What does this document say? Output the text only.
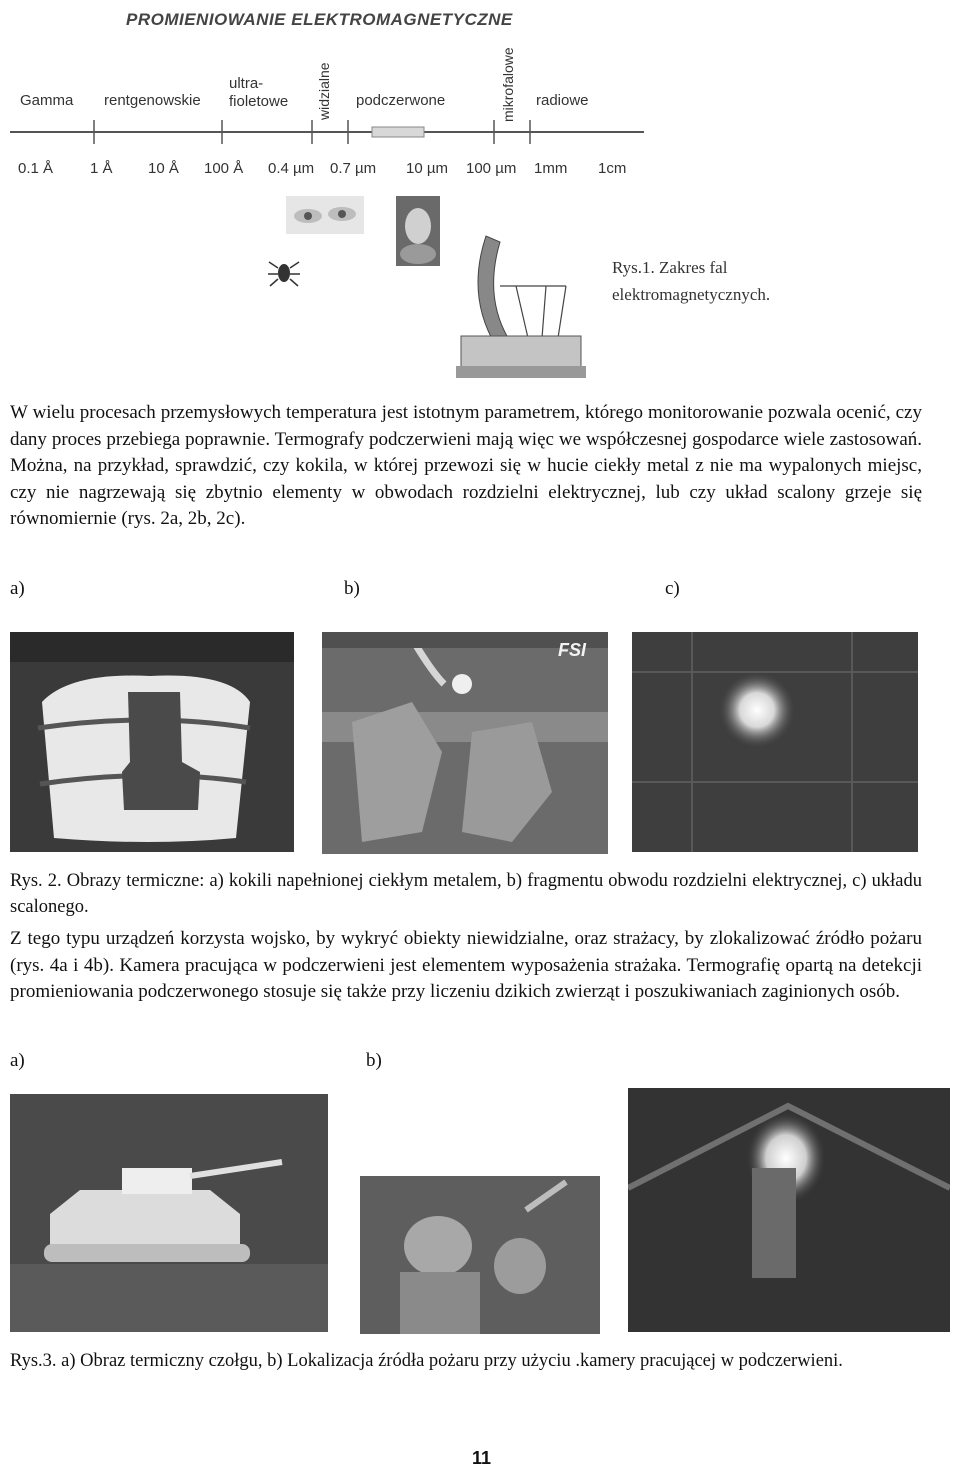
PROMIENIOWANIE ELEKTROMAGNETYCZNE
Gamma rentgenowskie
ultra-
fioletowe widzialne podczerwone	mikrofalowe radiowe
0.1 Å 1 Å 10 Å 100 Å 0.4 µm 0.7 µm 10 µm 100 µm 1mm 1cm
Rys.1. Zakres fal
elektromagnetycznych.
W wielu procesach przemysłowych temperatura jest istotnym parametrem, którego monitorowanie pozwala ocenić, czy dany proces przebiega poprawnie. Termografy podczerwieni mają więc we współczesnej gospodarce wiele zastosowań. Można, na przykład, sprawdzić, czy kokila, w której przewozi się w hucie ciekły metal z nie ma wypalonych miejsc, czy nie nagrzewają się zbytnio elementy w obwodach rozdzielni elektrycznej, lub czy układ scalony grzeje się równomiernie (rys. 2a, 2b, 2c).
a)	b)	c)
FSI
Rys. 2. Obrazy termiczne: a) kokili napełnionej ciekłym metalem, b) fragmentu obwodu rozdzielni elektrycznej, c) układu scalonego.
Z tego typu urządzeń korzysta wojsko, by wykryć obiekty niewidzialne, oraz strażacy, by zlokalizować źródło pożaru (rys. 4a i 4b). Kamera pracująca w podczerwieni jest elementem wyposażenia strażaka. Termografię opartą na detekcji promieniowania podczerwonego stosuje się także przy liczeniu dzikich zwierząt i poszukiwaniach zaginionych osób.
a)	b)
Rys.3. a) Obraz termiczny czołgu, b) Lokalizacja źródła pożaru przy użyciu .kamery pracującej w podczerwieni.
11
